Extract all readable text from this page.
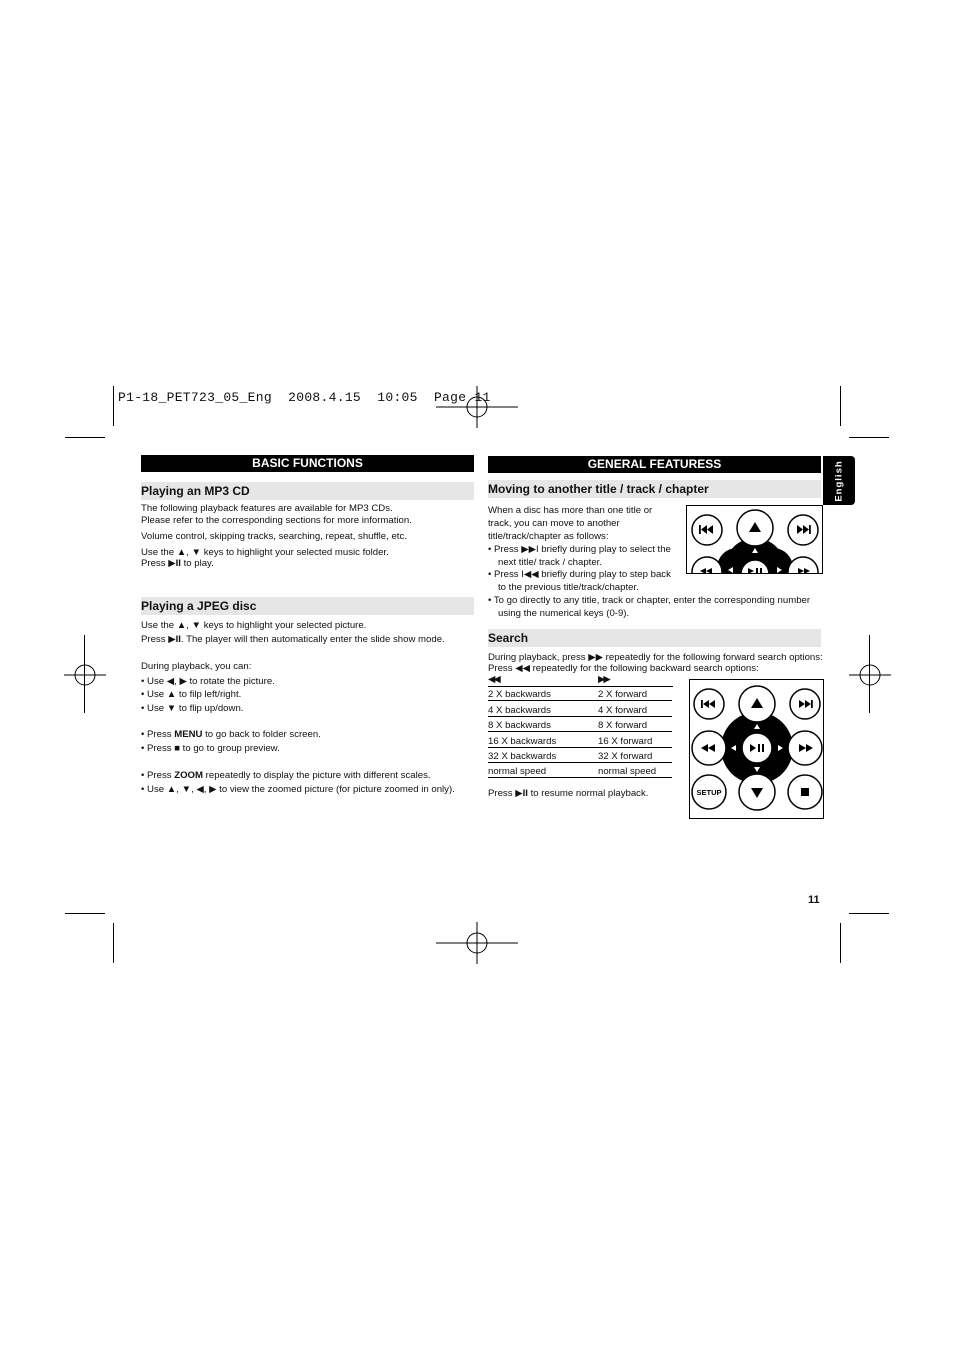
P1-18_PET723_05_Eng  2008.4.15  10:05  Page 11
BASIC FUNCTIONS
Playing an MP3 CD
The following playback features are available for MP3 CDs.
Please refer to the corresponding sections for more information.
Volume control, skipping tracks, searching, repeat, shuffle, etc.
Use the ▲, ▼ keys to highlight your selected music folder.
Press ▶II to play.
Playing a JPEG disc
Use the ▲, ▼ keys to highlight your selected picture.
Press ▶II. The player will then automatically enter the slide show mode.
During playback, you can:
• Use ◀, ▶ to rotate the picture.
• Use ▲ to filp left/right.
• Use ▼ to flip up/down.
• Press MENU to go back to folder screen.
• Press ■ to go to group preview.
• Press ZOOM repeatedly to display the picture with different scales.
• Use ▲, ▼, ◀, ▶ to view the zoomed picture (for picture zoomed in only).
GENERAL FEATURESS	English
Moving to another title / track / chapter
When a disc has more than one title or
track, you can move to another
title/track/chapter as follows:
• Press ▶▶I briefly during play to select the
next title/ track / chapter.
• Press I◀◀ briefly during play to step back
to the previous title/track/chapter.
• To go directly to any title, track or chapter, enter the corresponding number
using the numerical keys (0-9).
Search
During playback, press ▶▶ repeatedly for the following forward search options:
Press ◀◀ repeatedly for the following backward search options:
◀◀	▶▶
2 X backwards	2 X forward
4 X backwards	4 X forward
8 X backwards	8 X forward
16 X backwards	16 X forward
32 X backwards	32 X forward
normal speed	normal speed
Press ▶II to resume normal playback.	SETUP
11
